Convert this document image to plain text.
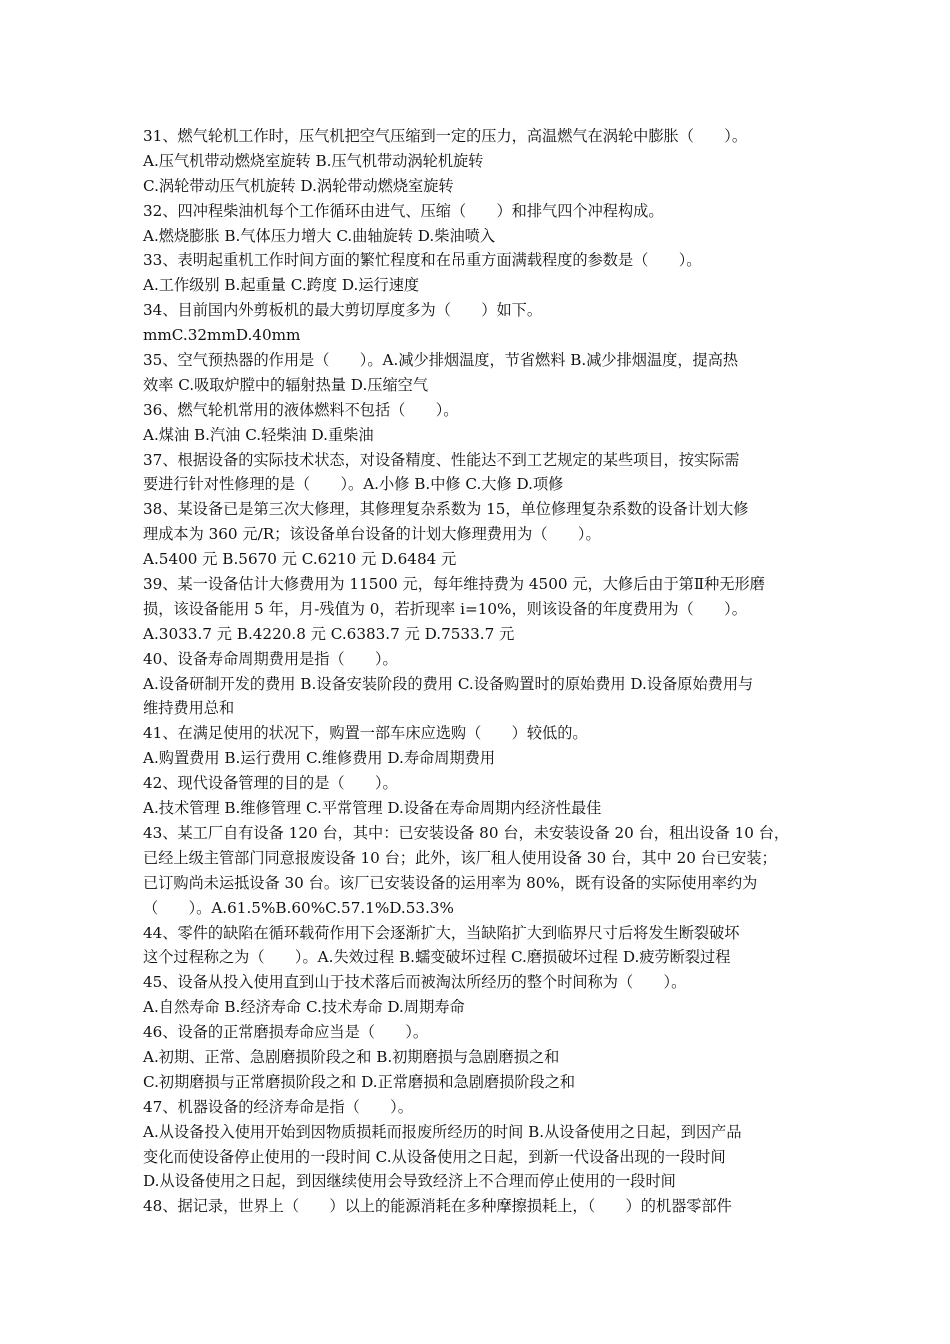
31、燃气轮机工作时，压气机把空气压缩到一定的压力，高温燃气在涡轮中膨胀（　　）。
A.压气机带动燃烧室旋转 B.压气机带动涡轮机旋转
C.涡轮带动压气机旋转 D.涡轮带动燃烧室旋转
32、四冲程柴油机每个工作循环由进气、压缩（　　）和排气四个冲程构成。
A.燃烧膨胀 B.气体压力增大 C.曲轴旋转 D.柴油喷入
33、表明起重机工作时间方面的繁忙程度和在吊重方面满载程度的参数是（　　）。
A.工作级别 B.起重量 C.跨度 D.运行速度
34、目前国内外剪板机的最大剪切厚度多为（　　）如下。
mmC.32mmD.40mm
35、空气预热器的作用是（　　）。A.减少排烟温度，节省燃料 B.减少排烟温度，提高热
效率 C.吸取炉膛中的辐射热量 D.压缩空气
36、燃气轮机常用的液体燃料不包括（　　）。
A.煤油 B.汽油 C.轻柴油 D.重柴油
37、根据设备的实际技术状态，对设备精度、性能达不到工艺规定的某些项目，按实际需
要进行针对性修理的是（　　）。A.小修 B.中修 C.大修 D.项修
38、某设备已是第三次大修理，其修理复杂系数为 15，单位修理复杂系数的设备计划大修
理成本为 360 元/R；该设备单台设备的计划大修理费用为（　　）。
A.5400 元 B.5670 元 C.6210 元 D.6484 元
39、某一设备估计大修费用为 11500 元，每年维持费为 4500 元，大修后由于第Ⅱ种无形磨
损，该设备能用 5 年，月-残值为 0，若折现率 i=10%，则该设备的年度费用为（　　）。
A.3033.7 元 B.4220.8 元 C.6383.7 元 D.7533.7 元
40、设备寿命周期费用是指（　　）。
A.设备研制开发的费用 B.设备安装阶段的费用 C.设备购置时的原始费用 D.设备原始费用与
维持费用总和
41、在满足使用的状况下，购置一部车床应选购（　　）较低的。
A.购置费用 B.运行费用 C.维修费用 D.寿命周期费用
42、现代设备管理的目的是（　　）。
A.技术管理 B.维修管理 C.平常管理 D.设备在寿命周期内经济性最佳
43、某工厂自有设备 120 台，其中：已安装设备 80 台，未安装设备 20 台，租出设备 10 台，
已经上级主管部门同意报废设备 10 台；此外，该厂租人使用设备 30 台，其中 20 台已安装；
已订购尚未运抵设备 30 台。该厂已安装设备的运用率为 80%，既有设备的实际使用率约为
（　　）。A.61.5%B.60%C.57.1%D.53.3%
44、零件的缺陷在循环载荷作用下会逐渐扩大，当缺陷扩大到临界尺寸后将发生断裂破坏
这个过程称之为（　　）。A.失效过程 B.蠕变破坏过程 C.磨损破坏过程 D.疲劳断裂过程
45、设备从投入使用直到山于技术落后而被淘汰所经历的整个时间称为（　　）。
A.自然寿命 B.经济寿命 C.技术寿命 D.周期寿命
46、设备的正常磨损寿命应当是（　　）。
A.初期、正常、急剧磨损阶段之和 B.初期磨损与急剧磨损之和
C.初期磨损与正常磨损阶段之和 D.正常磨损和急剧磨损阶段之和
47、机器设备的经济寿命是指（　　）。
A.从设备投入使用开始到因物质损耗而报废所经历的时间 B.从设备使用之日起，到因产品
变化而使设备停止使用的一段时间 C.从设备使用之日起，到新一代设备出现的一段时间
D.从设备使用之日起，到因继续使用会导致经济上不合理而停止使用的一段时间
48、据记录，世界上（　　）以上的能源消耗在多种摩擦损耗上，（　　）的机器零部件
